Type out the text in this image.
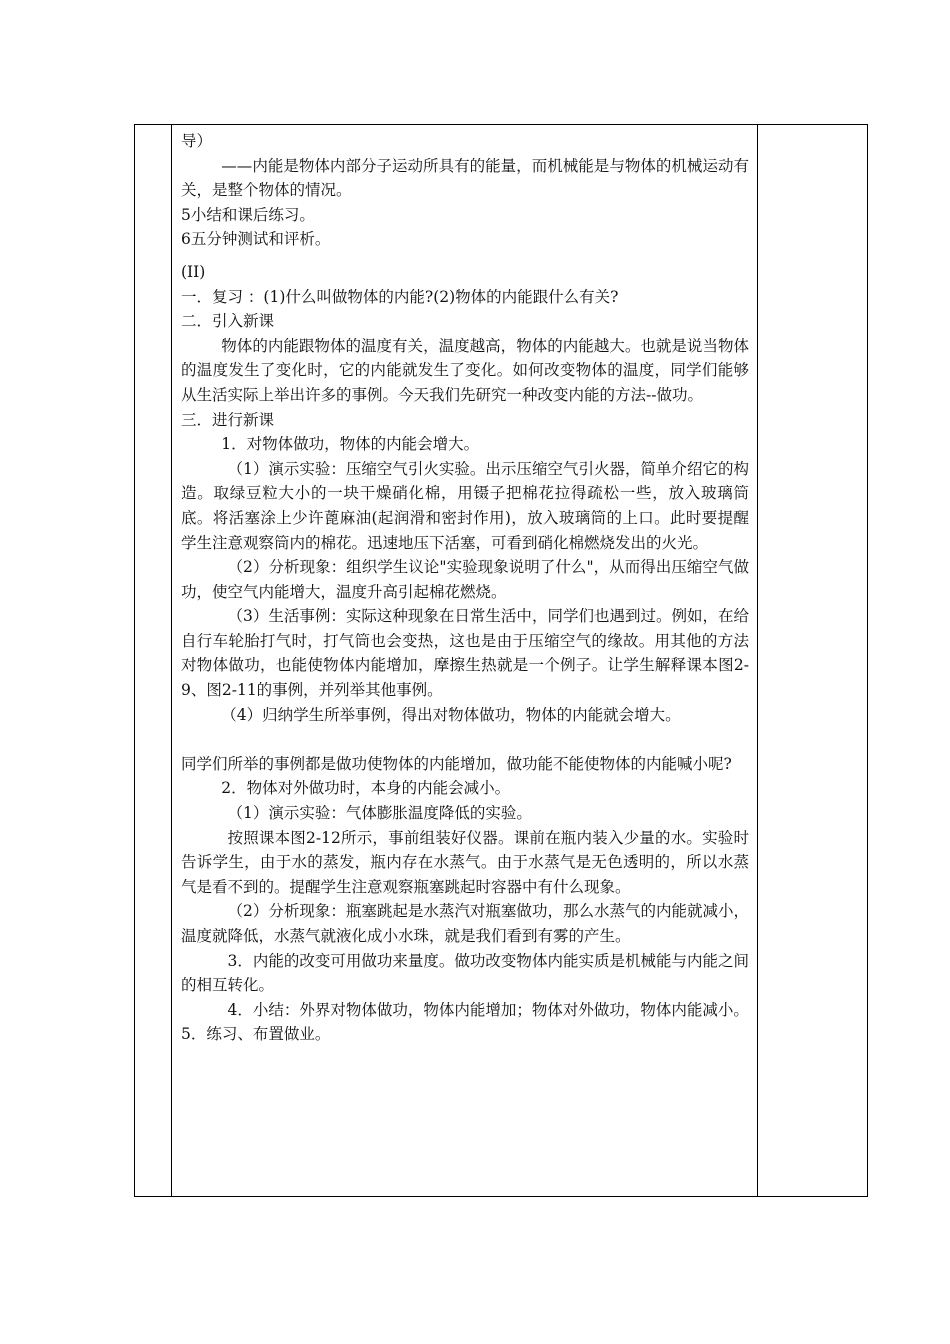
导）

——内能是物体内部分子运动所具有的能量，而机械能是与物体的机械运动有关，是整个物体的情况。

5小结和课后练习。

6五分钟测试和评析。

(II)

一．复习 ：(1)什么叫做物体的内能?(2)物体的内能跟什么有关?

二．引入新课

物体的内能跟物体的温度有关，温度越高，物体的内能越大。也就是说当物体的温度发生了变化时，它的内能就发生了变化。如何改变物体的温度，同学们能够从生活实际上举出许多的事例。今天我们先研究一种改变内能的方法--做功。

三．进行新课

1．对物体做功，物体的内能会增大。

（1）演示实验：压缩空气引火实验。出示压缩空气引火器，简单介绍它的构造。取绿豆粒大小的一块干燥硝化棉，用镊子把棉花拉得疏松一些，放入玻璃筒底。将活塞涂上少许蓖麻油(起润滑和密封作用)，放入玻璃筒的上口。此时要提醒学生注意观察筒内的棉花。迅速地压下活塞，可看到硝化棉燃烧发出的火光。

（2）分析现象：组织学生议论"实验现象说明了什么"，从而得出压缩空气做功，使空气内能增大，温度升高引起棉花燃烧。

（3）生活事例：实际这种现象在日常生活中，同学们也遇到过。例如，在给自行车轮胎打气时，打气筒也会变热，这也是由于压缩空气的缘故。用其他的方法对物体做功，也能使物体内能增加，摩擦生热就是一个例子。让学生解释课本图2-9、图2-11的事例，并列举其他事例。

（4）归纳学生所举事例，得出对物体做功，物体的内能就会增大。

同学们所举的事例都是做功使物体的内能增加，做功能不能使物体的内能喊小呢?

2．物体对外做功时，本身的内能会减小。

（1）演示实验：气体膨胀温度降低的实验。

按照课本图2-12所示，事前组装好仪器。课前在瓶内装入少量的水。实验时告诉学生，由于水的蒸发，瓶内存在水蒸气。由于水蒸气是无色透明的，所以水蒸气是看不到的。提醒学生注意观察瓶塞跳起时容器中有什么现象。

（2）分析现象：瓶塞跳起是水蒸汽对瓶塞做功，那么水蒸气的内能就减小，温度就降低，水蒸气就液化成小水珠，就是我们看到有雾的产生。

3．内能的改变可用做功来量度。做功改变物体内能实质是机械能与内能之间的相互转化。

4．小结：外界对物体做功，物体内能增加；物体对外做功，物体内能减小。

5．练习、布置做业。
